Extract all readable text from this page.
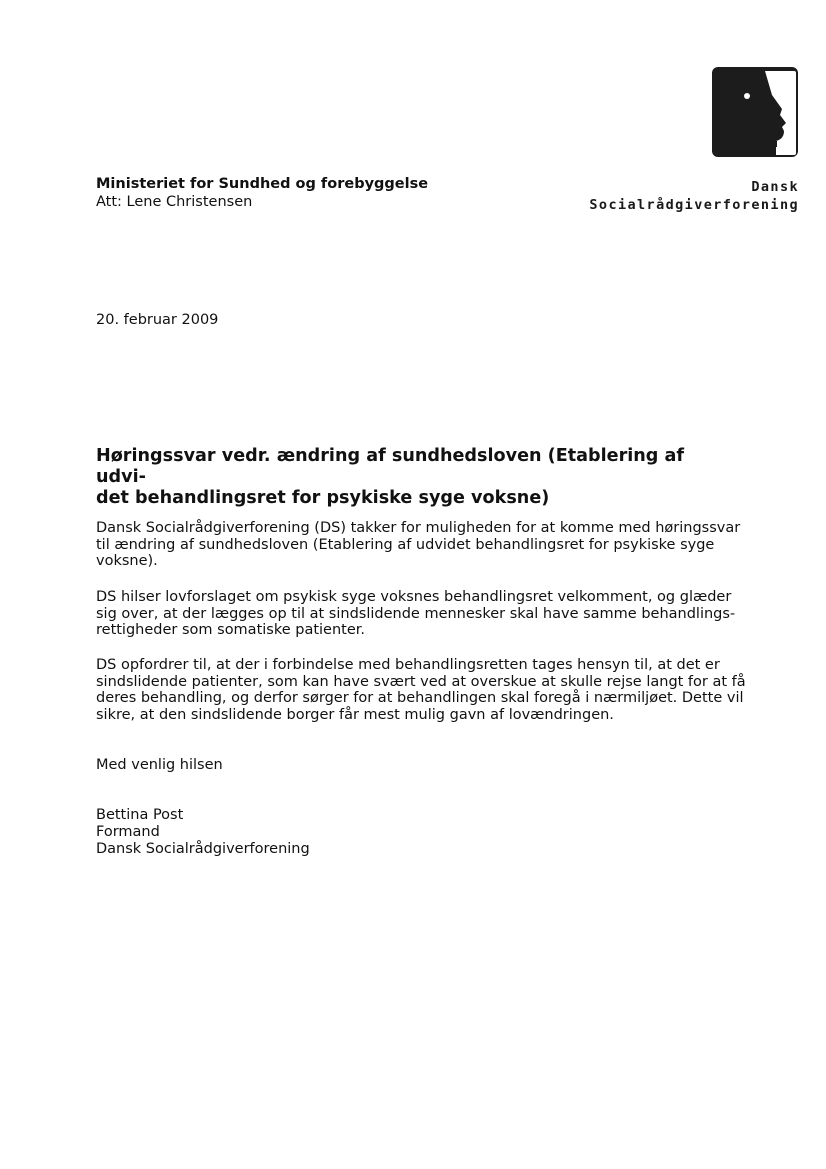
Dansk
Socialrådgiverforening
Ministeriet for Sundhed og forebyggelse
Att: Lene Christensen
20. februar 2009
Høringssvar vedr. ændring af sundhedsloven (Etablering af udvi-
det behandlingsret for psykiske syge voksne)

Dansk Socialrådgiverforening (DS) takker for muligheden for at komme med høringssvar
til ændring af sundhedsloven (Etablering af udvidet behandlingsret for psykiske syge
voksne).

DS hilser lovforslaget om psykisk syge voksnes behandlingsret velkomment, og glæder
sig over, at der lægges op til at sindslidende mennesker skal have samme behandlings-
rettigheder som somatiske patienter.

DS opfordrer til, at der i forbindelse med behandlingsretten tages hensyn til, at det er
sindslidende patienter, som kan have svært ved at overskue at skulle rejse langt for at få
deres behandling, og derfor sørger for at behandlingen skal foregå i nærmiljøet. Dette vil
sikre, at den sindslidende borger får mest mulig gavn af lovændringen.

Med venlig hilsen
Bettina Post
Formand
Dansk Socialrådgiverforening
